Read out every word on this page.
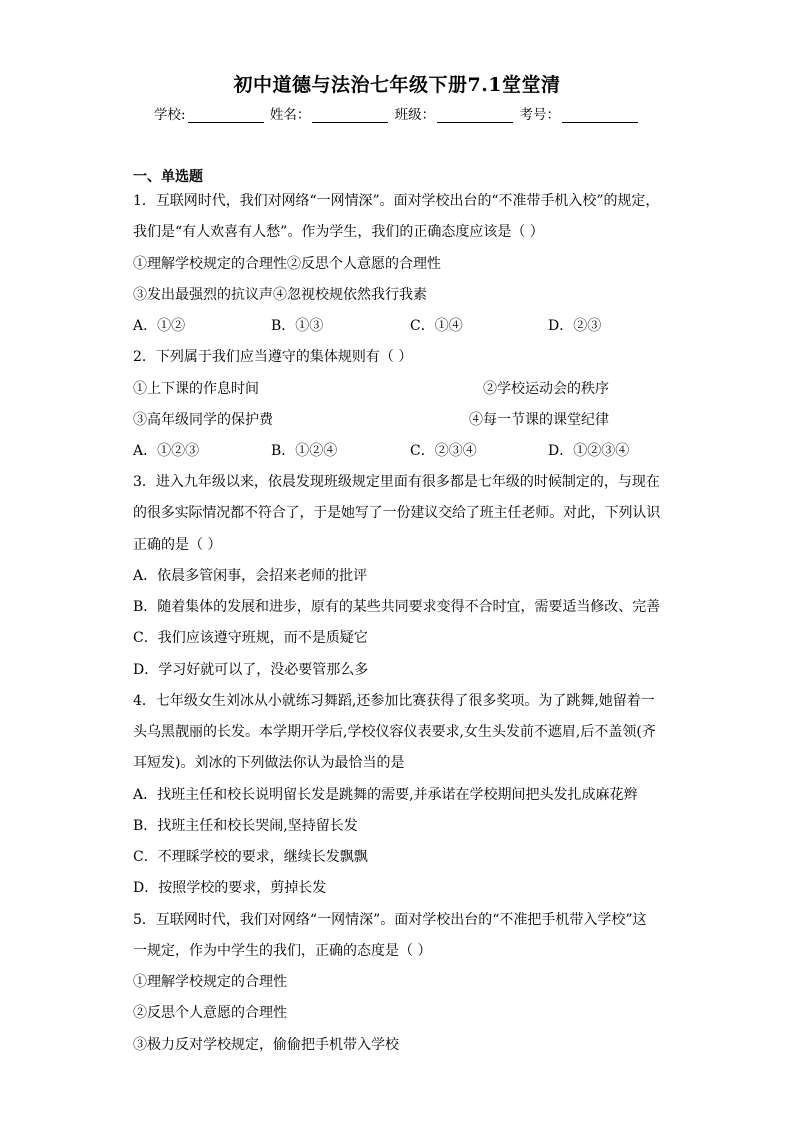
初中道德与法治七年级下册7.1堂堂清
学校:	姓名：	班级：	考号：
一、单选题
1．互联网时代，我们对网络“一网情深”。面对学校出台的“不准带手机入校”的规定，
我们是“有人欢喜有人愁”。作为学生，我们的正确态度应该是（ ）
①理解学校规定的合理性②反思个人意愿的合理性
③发出最强烈的抗议声④忽视校规依然我行我素
A．①②	B．①③	C．①④	D．②③
2．下列属于我们应当遵守的集体规则有（ ）
①上下课的作息时间	②学校运动会的秩序
③高年级同学的保护费	④每一节课的课堂纪律
A．①②③	B．①②④	C．②③④	D．①②③④
3．进入九年级以来，依晨发现班级规定里面有很多都是七年级的时候制定的，与现在
的很多实际情况都不符合了，于是她写了一份建议交给了班主任老师。对此，下列认识
正确的是（ ）
A．依晨多管闲事，会招来老师的批评
B．随着集体的发展和进步，原有的某些共同要求变得不合时宜，需要适当修改、完善
C．我们应该遵守班规，而不是质疑它
D．学习好就可以了，没必要管那么多
4．七年级女生刘冰从小就练习舞蹈,还参加比赛获得了很多奖项。为了跳舞,她留着一
头乌黑靓丽的长发。本学期开学后,学校仪容仪表要求,女生头发前不遮眉,后不盖领(齐
耳短发)。刘冰的下列做法你认为最恰当的是
A．找班主任和校长说明留长发是跳舞的需要,并承诺在学校期间把头发扎成麻花辫
B．找班主任和校长哭闹,坚持留长发
C．不理睬学校的要求，继续长发飘飘
D．按照学校的要求，剪掉长发
5．互联网时代，我们对网络“一网情深”。面对学校出台的“不准把手机带入学校”这
一规定，作为中学生的我们，正确的态度是（ ）
①理解学校规定的合理性
②反思个人意愿的合理性
③极力反对学校规定，偷偷把手机带入学校
